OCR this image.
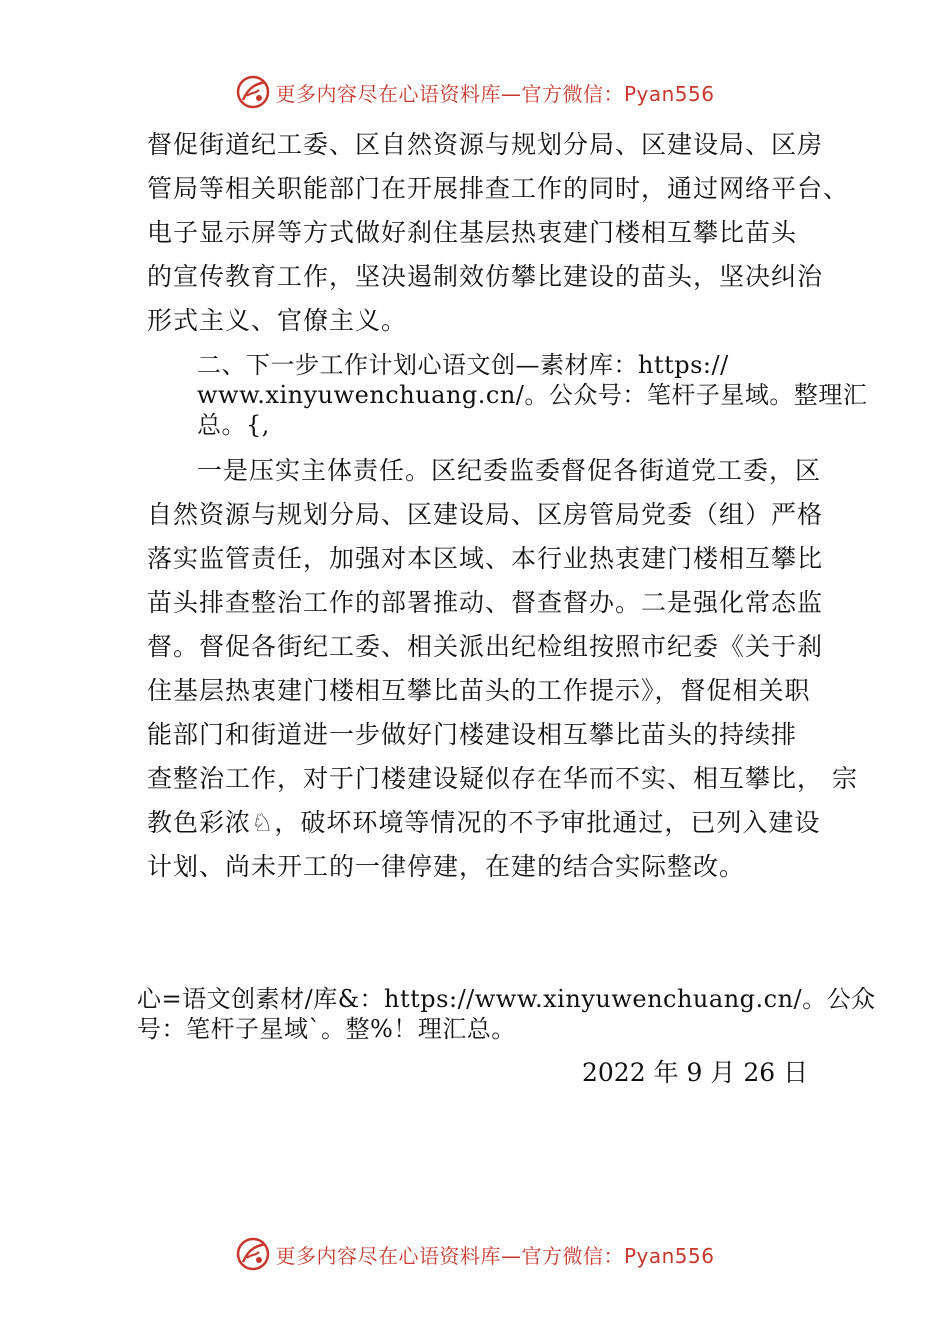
更多内容尽在心语资料库—官方微信：Pyan556
督促街道纪工委、区自然资源与规划分局、区建设局、区房
管局等相关职能部门在开展排查工作的同时，通过网络平台、
电子显示屏等方式做好刹住基层热衷建门楼相互攀比苗头
的宣传教育工作，坚决遏制效仿攀比建设的苗头，坚决纠治
形式主义、官僚主义。
二、下一步工作计划心语文创—素材库：https://
www.xinyuwenchuang.cn/。公众号：笔杆子星域。整理汇
总。{,
一是压实主体责任。区纪委监委督促各街道党工委，区
自然资源与规划分局、区建设局、区房管局党委（组）严格
落实监管责任，加强对本区域、本行业热衷建门楼相互攀比
苗头排查整治工作的部署推动、督查督办。二是强化常态监
督。督促各街纪工委、相关派出纪检组按照市纪委《关于刹
住基层热衷建门楼相互攀比苗头的工作提示》，督促相关职
能部门和街道进一步做好门楼建设相互攀比苗头的持续排
查整治工作，对于门楼建设疑似存在华而不实、相互攀比， 宗
教色彩浓♘，破坏环境等情况的不予审批通过，已列入建设
计划、尚未开工的一律停建，在建的结合实际整改。
心=语文创素材/库&：https://www.xinyuwenchuang.cn/。公众
号：笔杆子星域`。整%！理汇总。
2022 年 9 月 26 日
更多内容尽在心语资料库—官方微信：Pyan556
